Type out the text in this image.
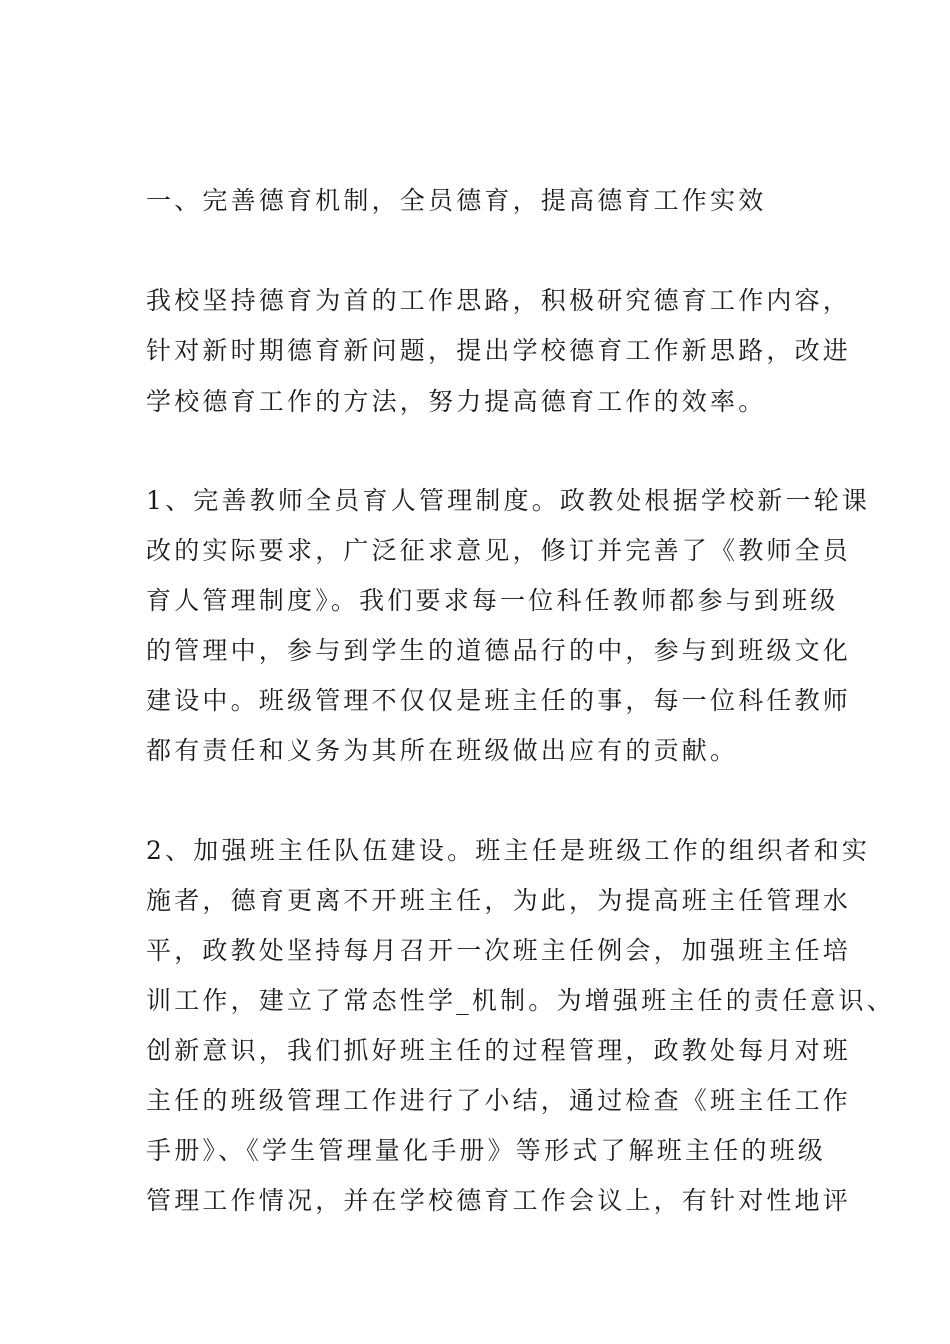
一、完善德育机制，全员德育，提高德育工作实效
我校坚持德育为首的工作思路，积极研究德育工作内容，
针对新时期德育新问题，提出学校德育工作新思路，改进
学校德育工作的方法，努力提高德育工作的效率。
1、完善教师全员育人管理制度。政教处根据学校新一轮课
改的实际要求，广泛征求意见，修订并完善了《教师全员
育人管理制度》。我们要求每一位科任教师都参与到班级
的管理中，参与到学生的道德品行的中，参与到班级文化
建设中。班级管理不仅仅是班主任的事，每一位科任教师
都有责任和义务为其所在班级做出应有的贡献。
2、加强班主任队伍建设。班主任是班级工作的组织者和实
施者，德育更离不开班主任，为此，为提高班主任管理水
平，政教处坚持每月召开一次班主任例会，加强班主任培
训工作，建立了常态性学_机制。为增强班主任的责任意识、
创新意识，我们抓好班主任的过程管理，政教处每月对班
主任的班级管理工作进行了小结，通过检查《班主任工作
手册》、《学生管理量化手册》等形式了解班主任的班级
管理工作情况，并在学校德育工作会议上，有针对性地评
